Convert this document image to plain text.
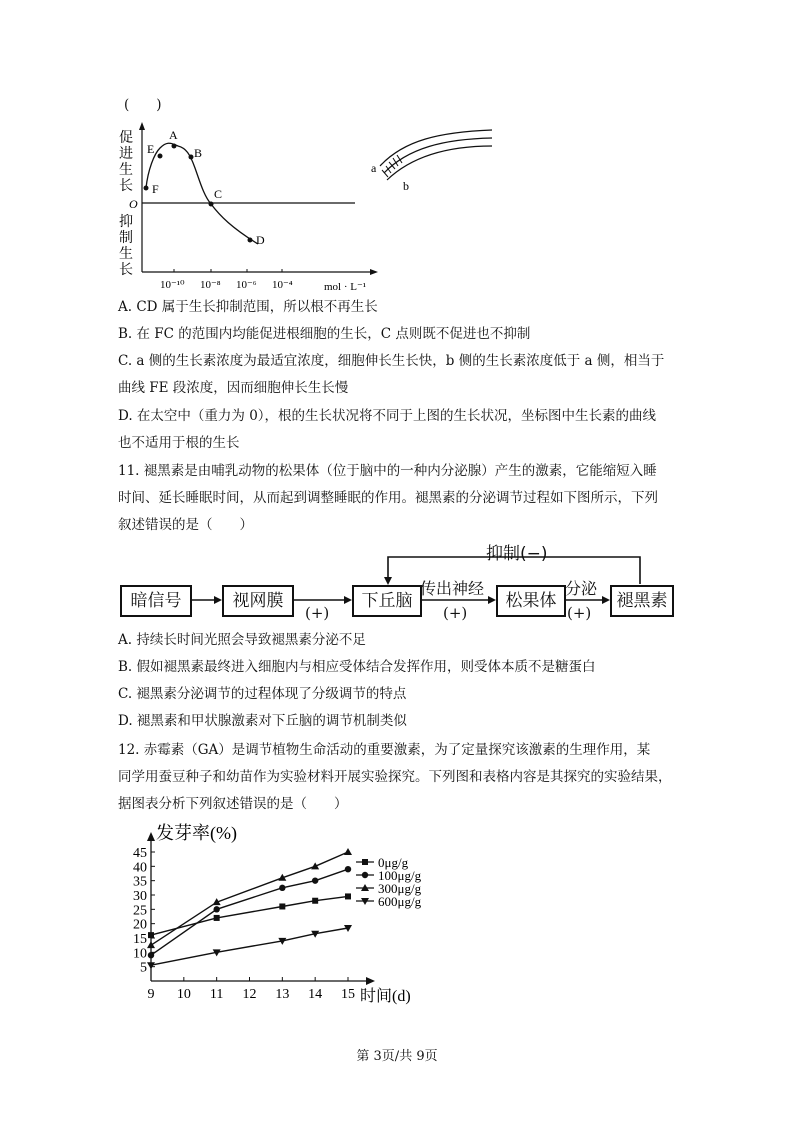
(　　)
促
进
生
长
抑
制
生
长
O
A
E	B
F	C
D
10⁻¹⁰ 10⁻⁸ 10⁻⁶ 10⁻⁴	mol · L⁻¹
a
b
A. CD 属于生长抑制范围，所以根不再生长
B. 在 FC 的范围内均能促进根细胞的生长，C 点则既不促进也不抑制
C. a 侧的生长素浓度为最适宜浓度，细胞伸长生长快，b 侧的生长素浓度低于 a 侧，相当于
曲线 FE 段浓度，因而细胞伸长生长慢
D. 在太空中（重力为 0），根的生长状况将不同于上图的生长状况，坐标图中生长素的曲线
也不适用于根的生长
11. 褪黑素是由哺乳动物的松果体（位于脑中的一种内分泌腺）产生的激素，它能缩短入睡
时间、延长睡眠时间，从而起到调整睡眠的作用。褪黑素的分泌调节过程如下图所示，下列
叙述错误的是（　　）
抑制(−)
暗信号	视网膜	下丘脑	松果体	褪黑素
(+)
传出神经
(+)
分泌
(+)
A. 持续长时间光照会导致褪黑素分泌不足
B. 假如褪黑素最终进入细胞内与相应受体结合发挥作用，则受体本质不是糖蛋白
C. 褪黑素分泌调节的过程体现了分级调节的特点
D. 褪黑素和甲状腺激素对下丘脑的调节机制类似
12. 赤霉素（GA）是调节植物生命活动的重要激素，为了定量探究该激素的生理作用，某
同学用蚕豆种子和幼苗作为实验材料开展实验探究。下列图和表格内容是其探究的实验结果，
据图表分析下列叙述错误的是（　　）
发芽率(%)
时间(d)
5
10
15
20
25
30
35
40
45
9 10 11 12 13 14 15
0μg/g
100μg/g
300μg/g
600μg/g
第 3页/共 9页
